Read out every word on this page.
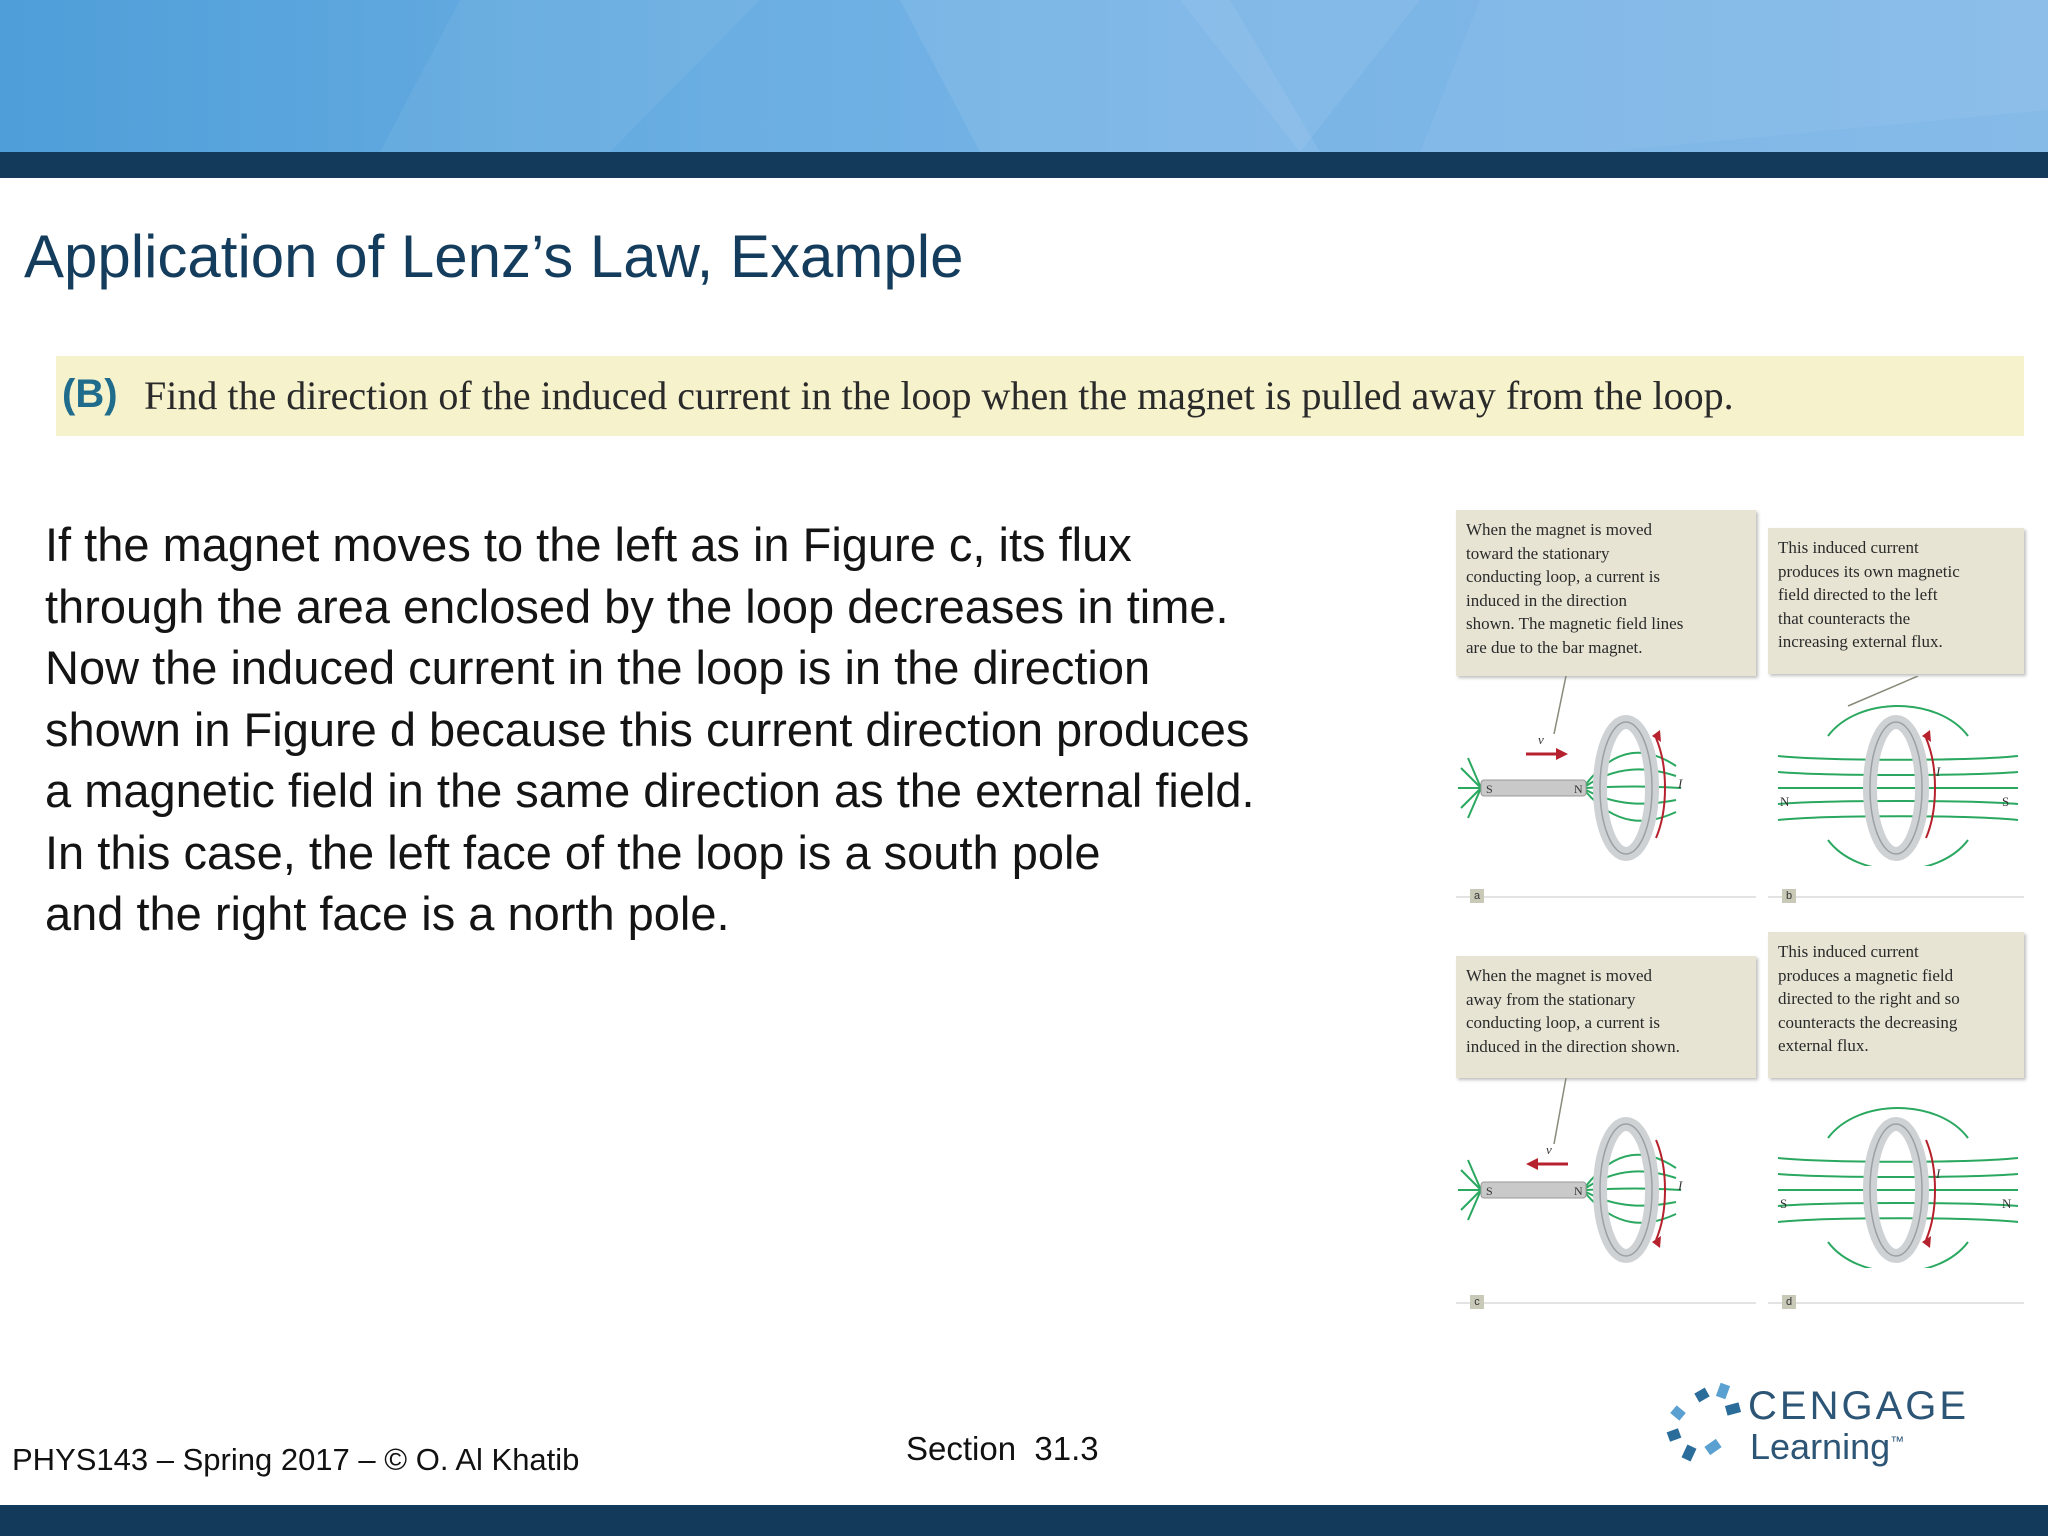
Application of Lenz’s Law, Example
(B) Find the direction of the induced current in the loop when the magnet is pulled away from the loop.
If the magnet moves to the left as in Figure c, its flux
through the area enclosed by the loop decreases in time.
Now the induced current in the loop is in the direction
shown in Figure d because this current direction produces
a magnetic field in the same direction as the external field.
In this case, the left face of the loop is a south pole
and the right face is a north pole.
When the magnet is moved
toward the stationary
conducting loop, a current is
induced in the direction
shown. The magnetic field lines
are due to the bar magnet.
This induced current
produces its own magnetic
field directed to the left
that counteracts the
increasing external flux.
When the magnet is moved
away from the stationary
conducting loop, a current is
induced in the direction shown.
This induced current
produces a magnetic field
directed to the right and so
counteracts the decreasing
external flux.
S	N
v
I
N	S
I
S	N
v
I
S	N
I
a	b
c	d
CENGAGE
Learning™
PHYS143 – Spring 2017 – © O. Al Khatib	Section  31.3
